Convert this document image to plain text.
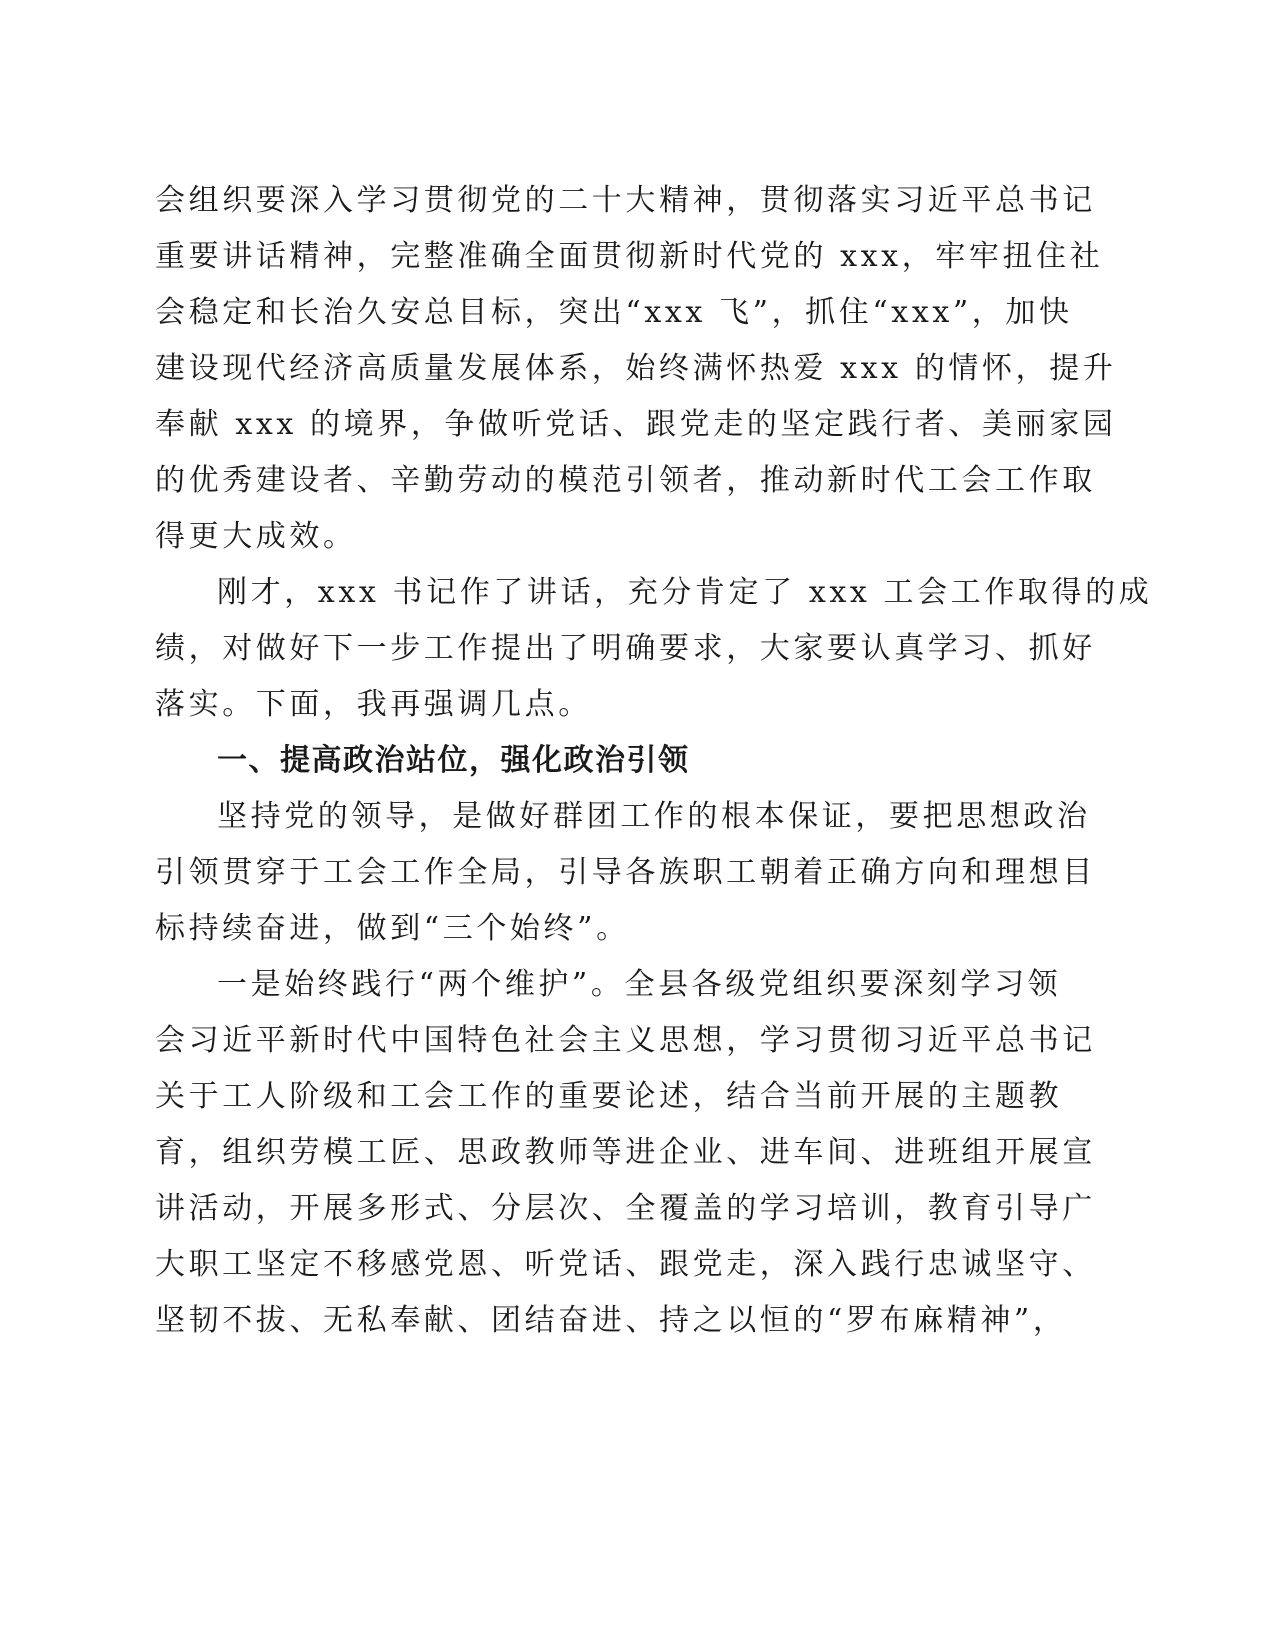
会组织要深入学习贯彻党的二十大精神，贯彻落实习近平总书记
重要讲话精神，完整准确全面贯彻新时代党的 xxx，牢牢扭住社
会稳定和长治久安总目标，突出“xxx 飞”，抓住“xxx”，加快
建设现代经济高质量发展体系，始终满怀热爱 xxx 的情怀，提升
奉献 xxx 的境界，争做听党话、跟党走的坚定践行者、美丽家园
的优秀建设者、辛勤劳动的模范引领者，推动新时代工会工作取
得更大成效。
刚才，xxx 书记作了讲话，充分肯定了 xxx 工会工作取得的成
绩，对做好下一步工作提出了明确要求，大家要认真学习、抓好
落实。下面，我再强调几点。
一、提高政治站位，强化政治引领
坚持党的领导，是做好群团工作的根本保证，要把思想政治
引领贯穿于工会工作全局，引导各族职工朝着正确方向和理想目
标持续奋进，做到“三个始终”。
一是始终践行“两个维护”。全县各级党组织要深刻学习领
会习近平新时代中国特色社会主义思想，学习贯彻习近平总书记
关于工人阶级和工会工作的重要论述，结合当前开展的主题教
育，组织劳模工匠、思政教师等进企业、进车间、进班组开展宣
讲活动，开展多形式、分层次、全覆盖的学习培训，教育引导广
大职工坚定不移感党恩、听党话、跟党走，深入践行忠诚坚守、
坚韧不拔、无私奉献、团结奋进、持之以恒的“罗布麻精神”，
